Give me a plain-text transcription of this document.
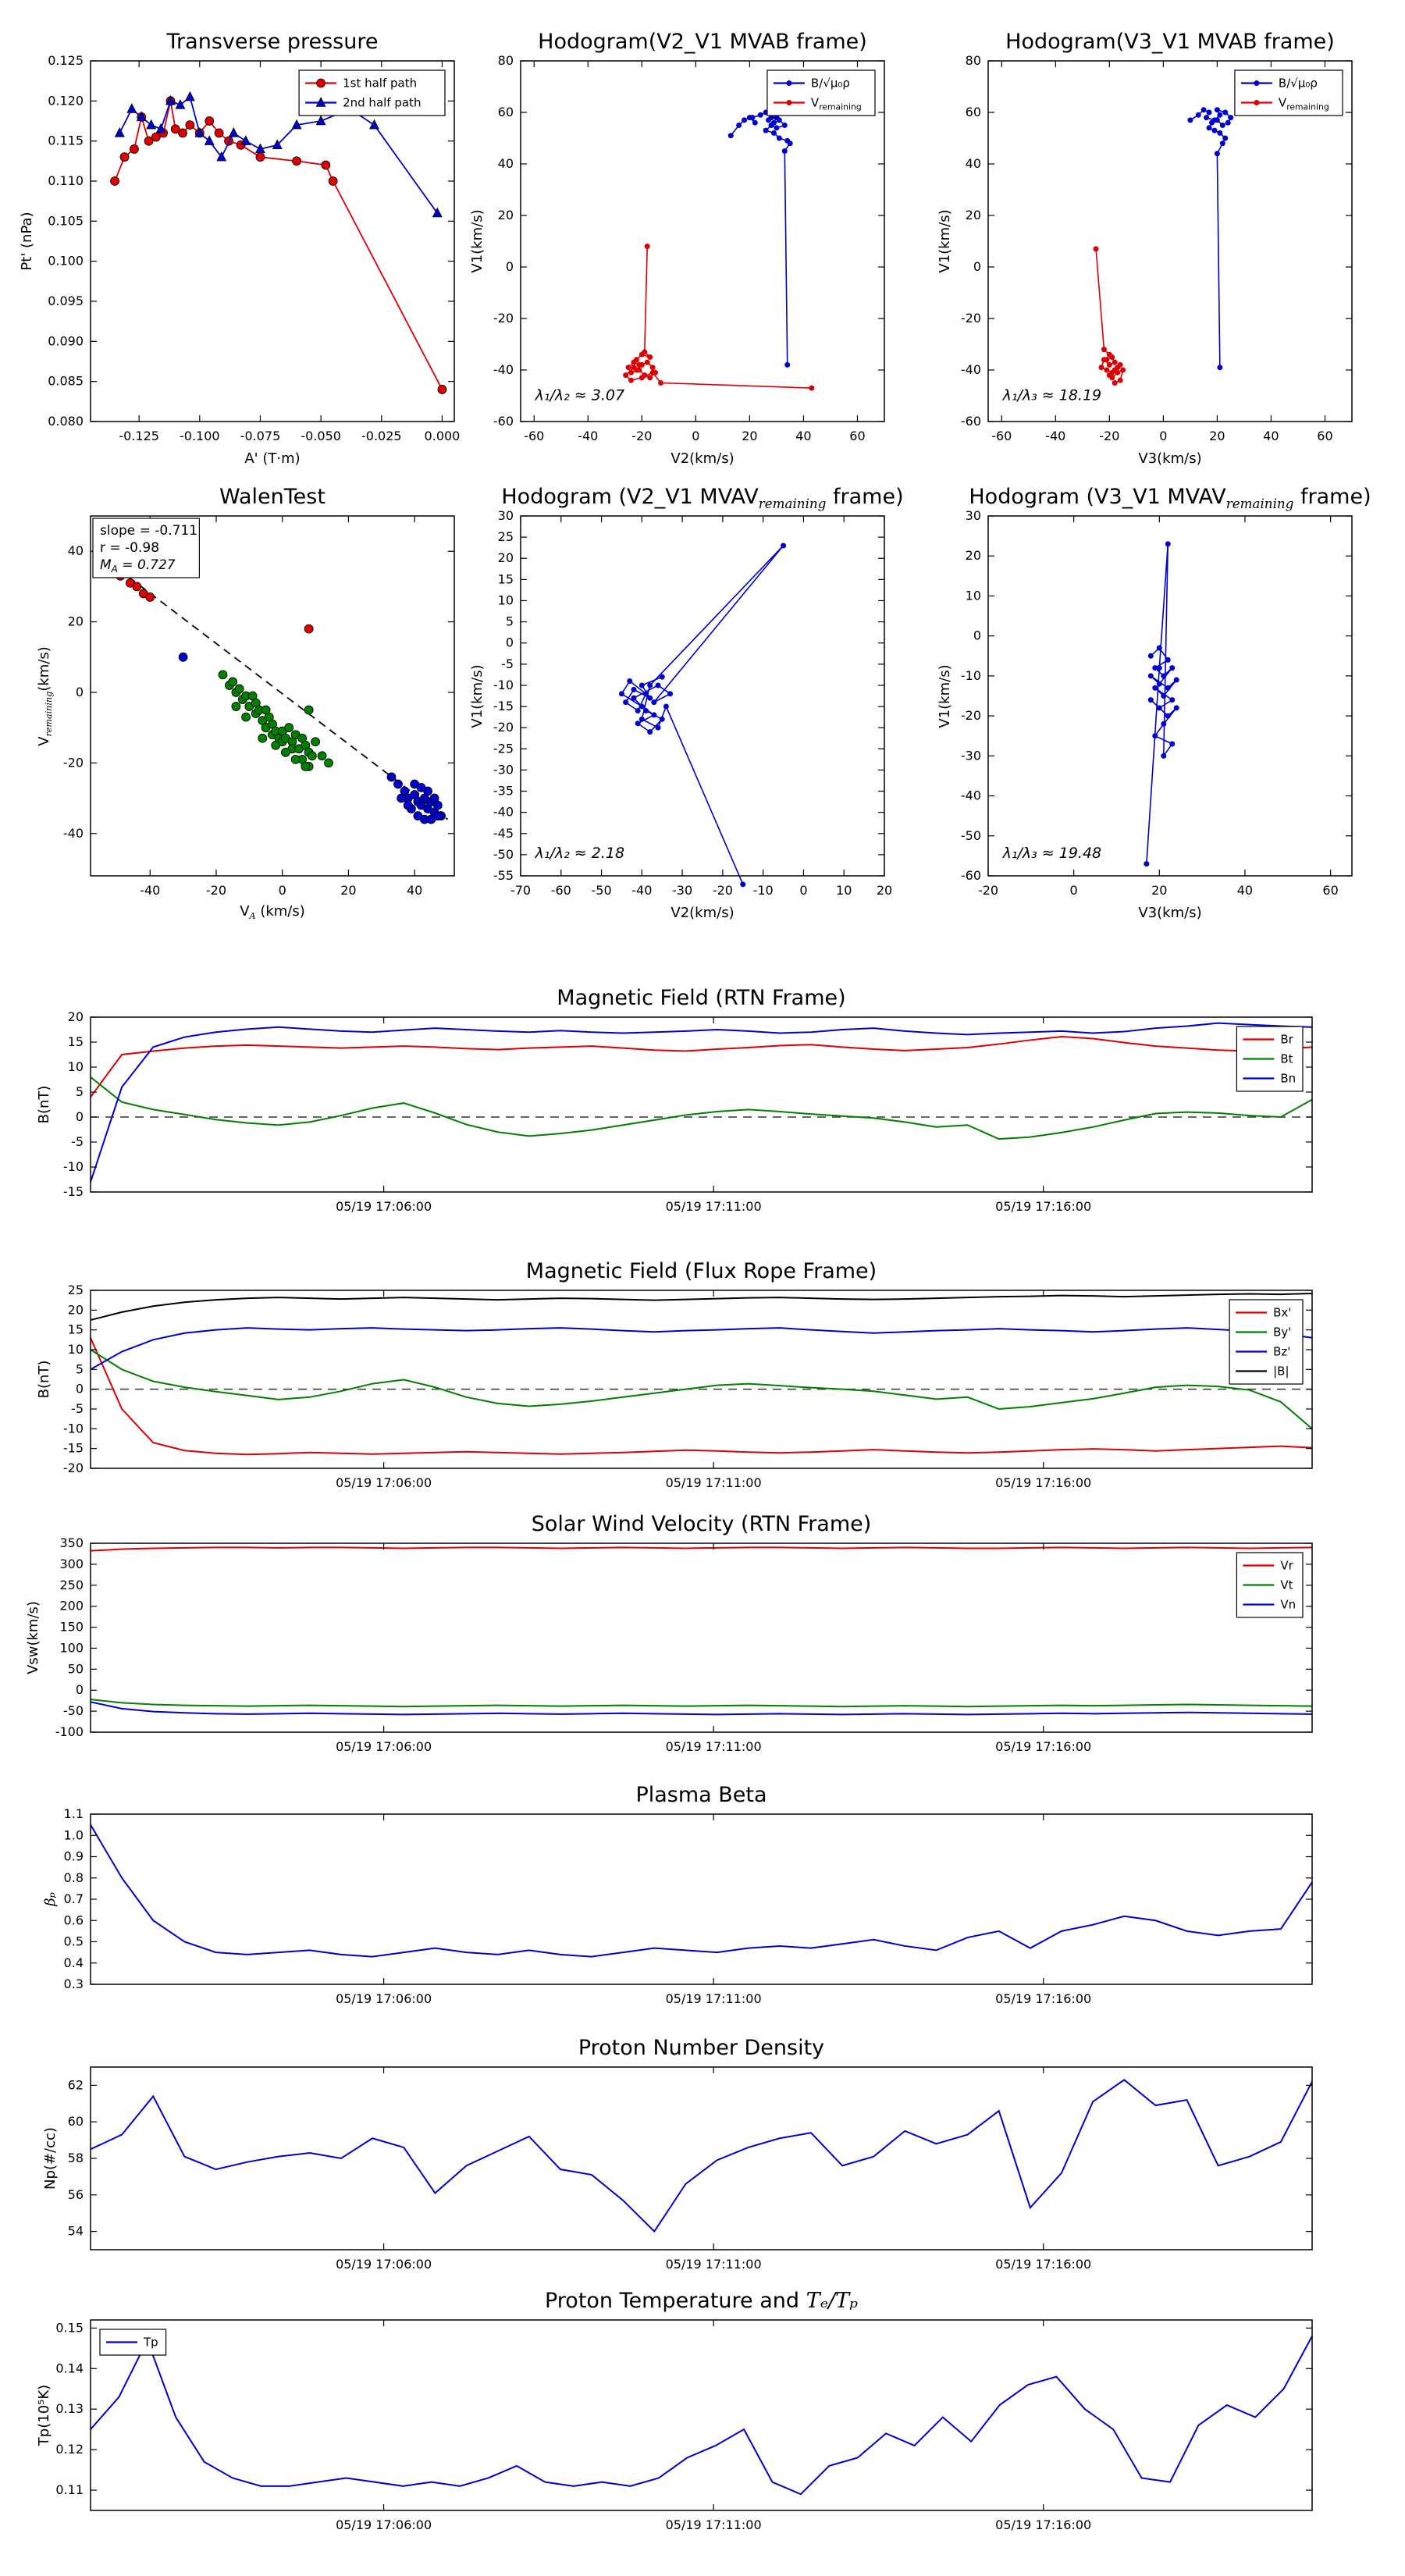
Transverse pressure
Pt' (nPa)
-0.125 -0.100 -0.075 -0.050 -0.025 0.000
0.080
0.085
0.090
0.095
0.100
0.105
0.110
0.115
0.120
0.125
1st half path
2nd half path
A' (T·m)
Hodogram(V2_V1 MVAB frame)
V1(km/s)
-60	-40	-20	0	20	40	60
-60
-40
-20
0
20
40
60
80
λ₁/λ₂ ≈ 3.07
B/√μ₀ρ
$V_{remaining}$
V2(km/s)
Hodogram(V3_V1 MVAB frame)
V1(km/s)
-60	-40	-20	0	20	40	60
-60
-40
-20
0
20
40
60
80
λ₁/λ₃ ≈ 18.19
B/√μ₀ρ
$V_{remaining}$
V3(km/s)
WalenTest
$V_{remaining}(km/s)$
-40	-20	0	20	40
-40
-20
0
20
40
slope = -0.711
r = -0.98
$M_A = 0.727$
$V_A$ (km/s)
Hodogram (V2_V1 $MVAV_{remaining}$ frame)
V1(km/s)
-70 -60 -50 -40 -30 -20 -10 0 10 20
-55
-50
-45
-40
-35
-30
-25
-20
-15
-10
-5
0
5
10
15
20
25
30
λ₁/λ₂ ≈ 2.18
V2(km/s)
Hodogram (V3_V1 $MVAV_{remaining}$ frame)
V1(km/s)
-20	0	20	40	60
-60
-50
-40
-30
-20
-10
0
10
20
30
λ₁/λ₃ ≈ 19.48
V3(km/s)
Magnetic Field (RTN Frame)
B(nT)
05/19 17:06:00	05/19 17:11:00	05/19 17:16:00
-15
-10
-5
0
5
10
15
20
Br
Bt
Bn
Magnetic Field (Flux Rope Frame)
B(nT)
05/19 17:06:00	05/19 17:11:00	05/19 17:16:00
-20
-15
-10
-5
0
5
10
15
20
25
Bx'
By'
Bz'
|B|
Solar Wind Velocity (RTN Frame)
Vsw(km/s)
05/19 17:06:00	05/19 17:11:00	05/19 17:16:00
-100
-50
0
50
100
150
200
250
300
350
Vr
Vt
Vn
Plasma Beta
βₚ
05/19 17:06:00	05/19 17:11:00	05/19 17:16:00
0.3
0.4
0.5
0.6
0.7
0.8
0.9
1.0
1.1
Proton Number Density
Np(#/cc)
05/19 17:06:00	05/19 17:11:00	05/19 17:16:00
54
56
58
60
62
Proton Temperature and Tₑ/Tₚ
Tp(10⁵K)
05/19 17:06:00	05/19 17:11:00	05/19 17:16:00
0.11
0.12
0.13
0.14
0.15
Tp
